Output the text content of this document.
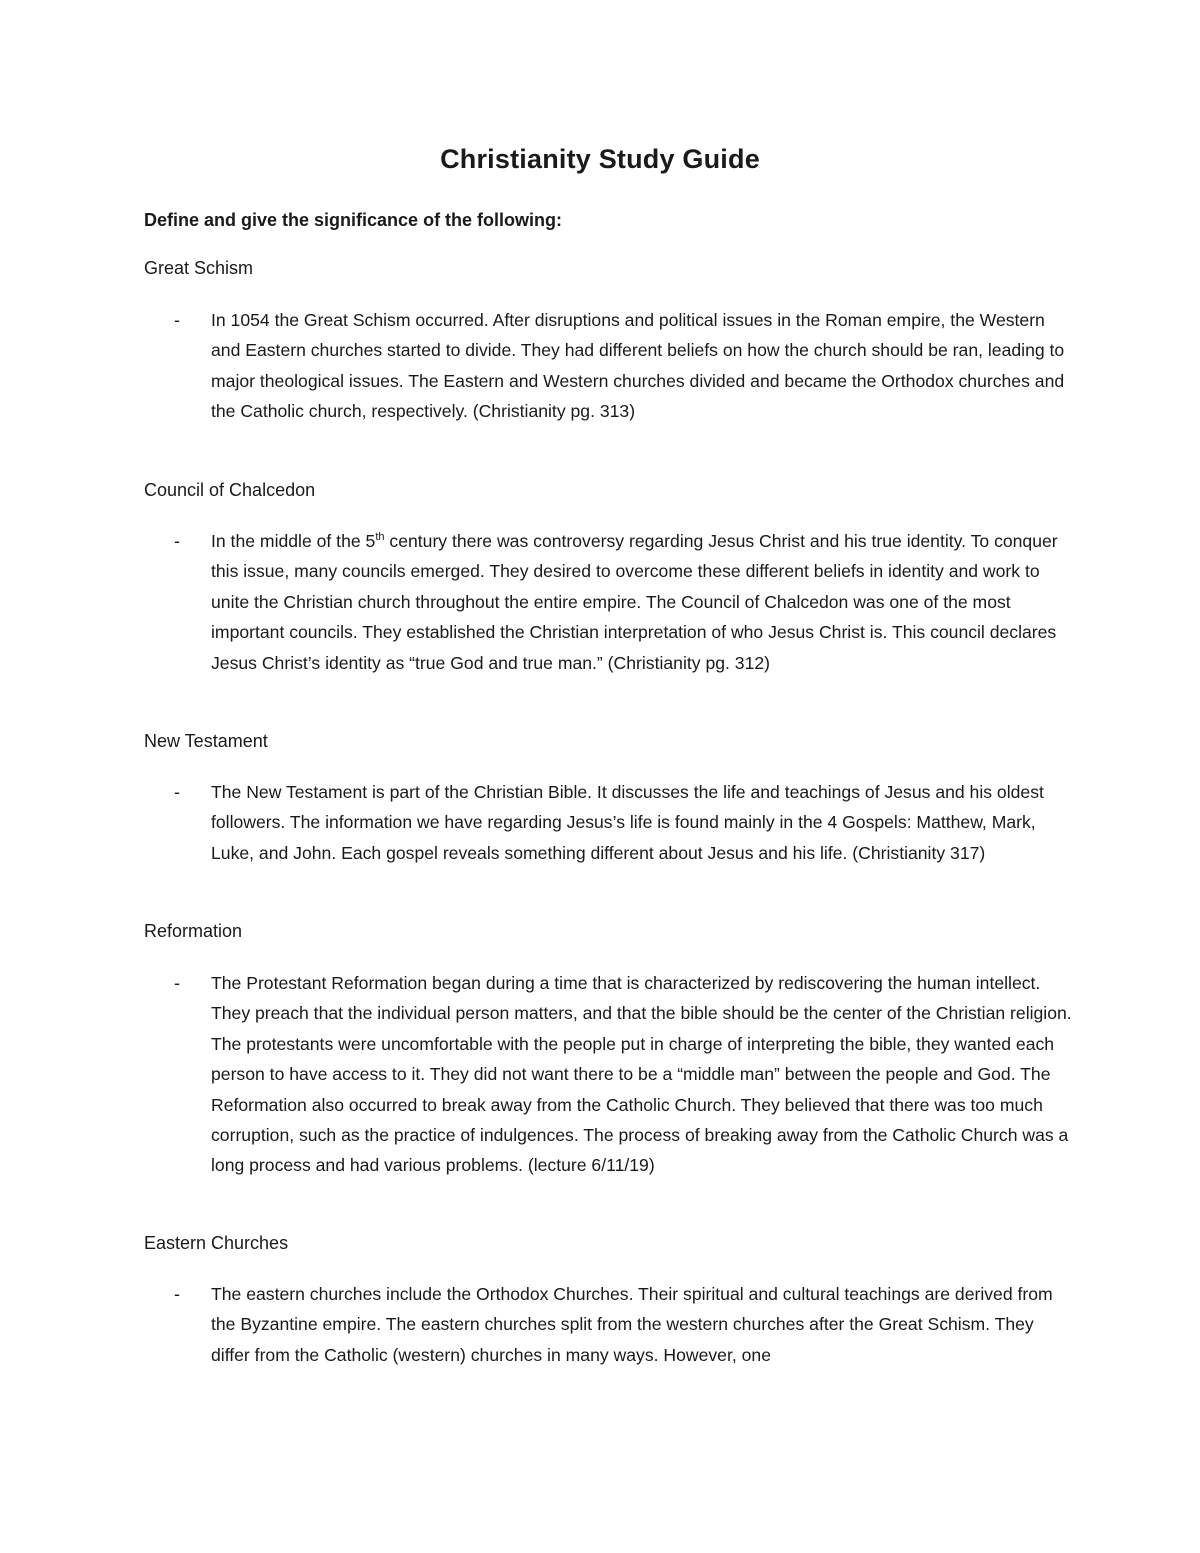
Christianity Study Guide
Define and give the significance of the following:
Great Schism
- In 1054 the Great Schism occurred. After disruptions and political issues in the Roman empire, the Western and Eastern churches started to divide. They had different beliefs on how the church should be ran, leading to major theological issues. The Eastern and Western churches divided and became the Orthodox churches and the Catholic church, respectively. (Christianity pg. 313)
Council of Chalcedon
- In the middle of the 5th century there was controversy regarding Jesus Christ and his true identity. To conquer this issue, many councils emerged. They desired to overcome these different beliefs in identity and work to unite the Christian church throughout the entire empire. The Council of Chalcedon was one of the most important councils. They established the Christian interpretation of who Jesus Christ is. This council declares Jesus Christ’s identity as “true God and true man.” (Christianity pg. 312)
New Testament
- The New Testament is part of the Christian Bible. It discusses the life and teachings of Jesus and his oldest followers. The information we have regarding Jesus’s life is found mainly in the 4 Gospels: Matthew, Mark, Luke, and John. Each gospel reveals something different about Jesus and his life. (Christianity 317)
Reformation
- The Protestant Reformation began during a time that is characterized by rediscovering the human intellect. They preach that the individual person matters, and that the bible should be the center of the Christian religion. The protestants were uncomfortable with the people put in charge of interpreting the bible, they wanted each person to have access to it. They did not want there to be a “middle man” between the people and God. The Reformation also occurred to break away from the Catholic Church. They believed that there was too much corruption, such as the practice of indulgences. The process of breaking away from the Catholic Church was a long process and had various problems. (lecture 6/11/19)
Eastern Churches
- The eastern churches include the Orthodox Churches. Their spiritual and cultural teachings are derived from the Byzantine empire. The eastern churches split from the western churches after the Great Schism. They differ from the Catholic (western) churches in many ways. However, one
